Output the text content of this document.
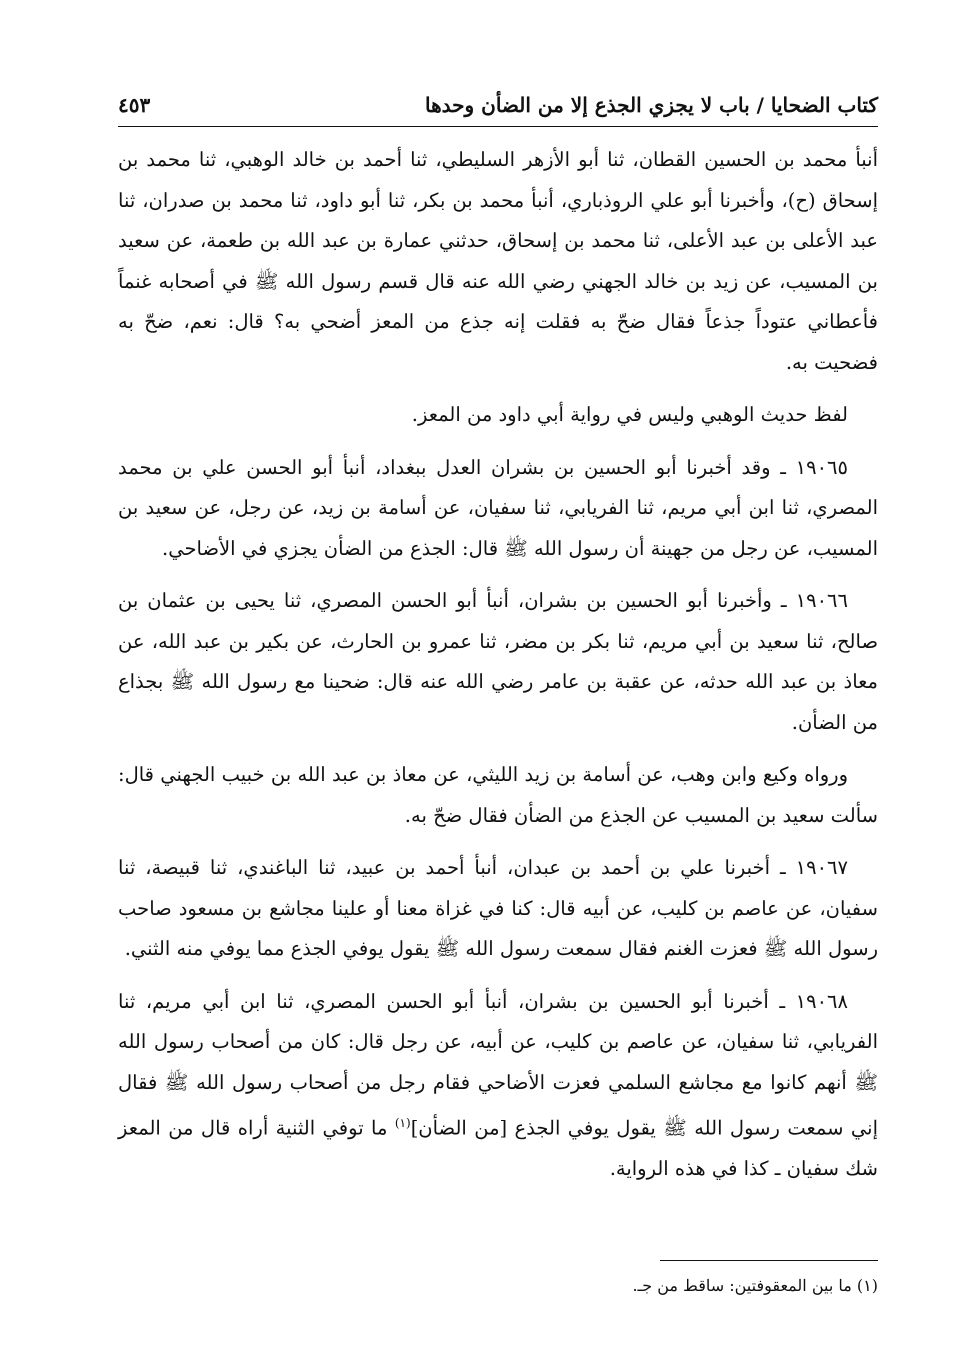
كتاب الضحايا / باب لا يجزي الجذع إلا من الضأن وحدها
٤٥٣

أنبأ محمد بن الحسين القطان، ثنا أبو الأزهر السليطي، ثنا أحمد بن خالد الوهبي، ثنا محمد بن إسحاق (ح)، وأخبرنا أبو علي الروذباري، أنبأ محمد بن بكر، ثنا أبو داود، ثنا محمد بن صدران، ثنا عبد الأعلى بن عبد الأعلى، ثنا محمد بن إسحاق، حدثني عمارة بن عبد الله بن طعمة، عن سعيد بن المسيب، عن زيد بن خالد الجهني رضي الله عنه قال قسم رسول الله ﷺ في أصحابه غنماً فأعطاني عتوداً جذعاً فقال ضحّ به فقلت إنه جذع من المعز أضحي به؟ قال: نعم، ضحّ به فضحيت به.

لفظ حديث الوهبي وليس في رواية أبي داود من المعز.

١٩٠٦٥ ـ وقد أخبرنا أبو الحسين بن بشران العدل ببغداد، أنبأ أبو الحسن علي بن محمد المصري، ثنا ابن أبي مريم، ثنا الفريابي، ثنا سفيان، عن أسامة بن زيد، عن رجل، عن سعيد بن المسيب، عن رجل من جهينة أن رسول الله ﷺ قال: الجذع من الضأن يجزي في الأضاحي.

١٩٠٦٦ ـ وأخبرنا أبو الحسين بن بشران، أنبأ أبو الحسن المصري، ثنا يحيى بن عثمان بن صالح، ثنا سعيد بن أبي مريم، ثنا بكر بن مضر، ثنا عمرو بن الحارث، عن بكير بن عبد الله، عن معاذ بن عبد الله حدثه، عن عقبة بن عامر رضي الله عنه قال: ضحينا مع رسول الله ﷺ بجذاع من الضأن.

ورواه وكيع وابن وهب، عن أسامة بن زيد الليثي، عن معاذ بن عبد الله بن خبيب الجهني قال: سألت سعيد بن المسيب عن الجذع من الضأن فقال ضحّ به.

١٩٠٦٧ ـ أخبرنا علي بن أحمد بن عبدان، أنبأ أحمد بن عبيد، ثنا الباغندي، ثنا قبيصة، ثنا سفيان، عن عاصم بن كليب، عن أبيه قال: كنا في غزاة معنا أو علينا مجاشع بن مسعود صاحب رسول الله ﷺ فعزت الغنم فقال سمعت رسول الله ﷺ يقول يوفي الجذع مما يوفي منه الثني.

١٩٠٦٨ ـ أخبرنا أبو الحسين بن بشران، أنبأ أبو الحسن المصري، ثنا ابن أبي مريم، ثنا الفريابي، ثنا سفيان، عن عاصم بن كليب، عن أبيه، عن رجل قال: كان من أصحاب رسول الله ﷺ أنهم كانوا مع مجاشع السلمي فعزت الأضاحي فقام رجل من أصحاب رسول الله ﷺ فقال إني سمعت رسول الله ﷺ يقول يوفي الجذع [من الضأن]$^{(١)}$ ما توفي الثنية أراه قال من المعز شك سفيان ـ كذا في هذه الرواية.

(١) ما بين المعقوفتين: ساقط من جـ.
